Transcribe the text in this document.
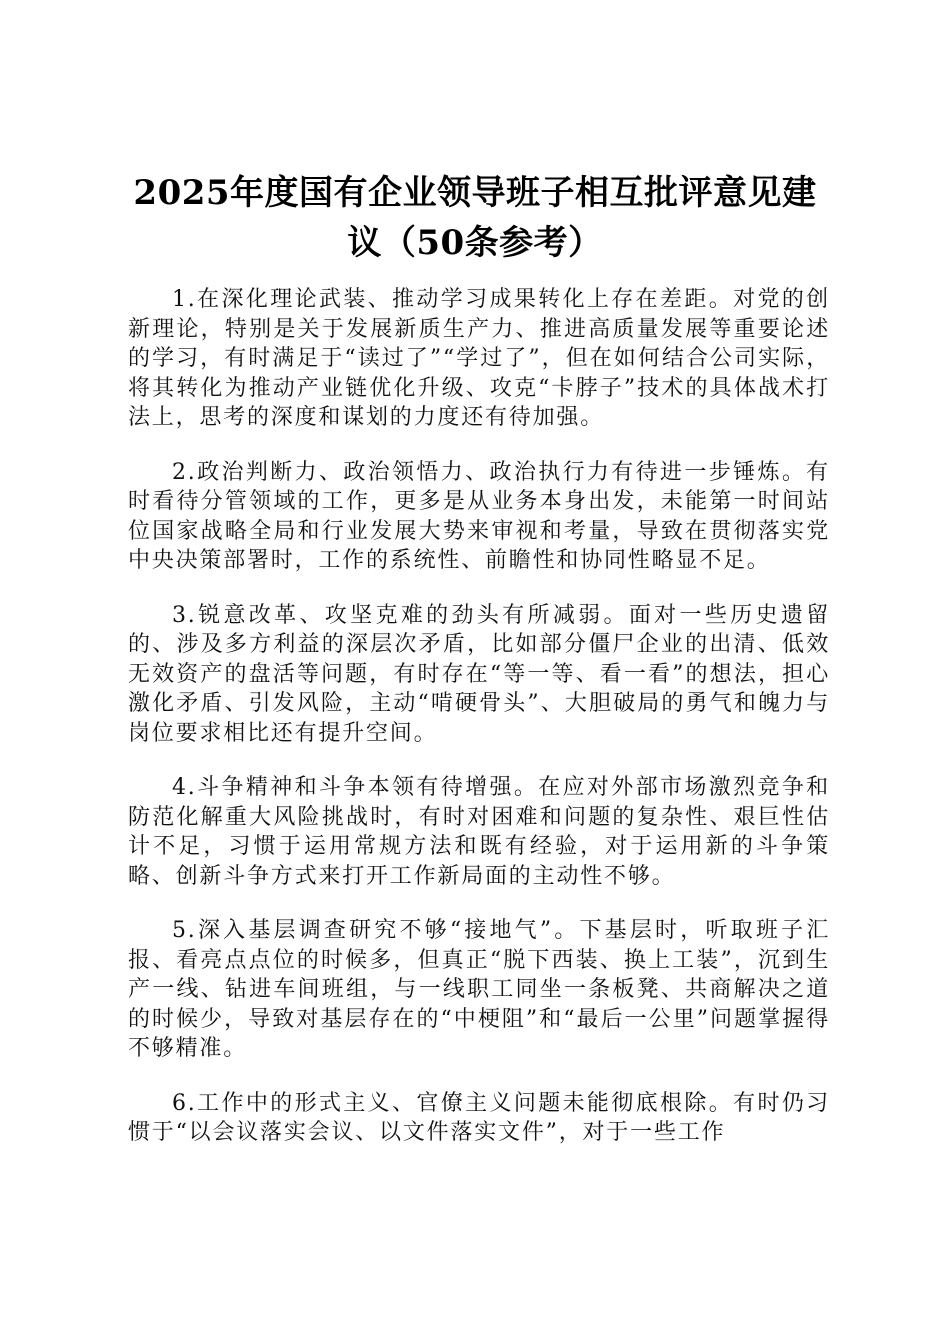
2025年度国有企业领导班子相互批评意见建
议（50条参考）

1.在深化理论武装、推动学习成果转化上存在差距。对党的创新理论，特别是关于发展新质生产力、推进高质量发展等重要论述的学习，有时满足于“读过了”“学过了”，但在如何结合公司实际，将其转化为推动产业链优化升级、攻克“卡脖子”技术的具体战术打法上，思考的深度和谋划的力度还有待加强。

2.政治判断力、政治领悟力、政治执行力有待进一步锤炼。有时看待分管领域的工作，更多是从业务本身出发，未能第一时间站位国家战略全局和行业发展大势来审视和考量，导致在贯彻落实党中央决策部署时，工作的系统性、前瞻性和协同性略显不足。

3.锐意改革、攻坚克难的劲头有所减弱。面对一些历史遗留的、涉及多方利益的深层次矛盾，比如部分僵尸企业的出清、低效无效资产的盘活等问题，有时存在“等一等、看一看”的想法，担心激化矛盾、引发风险，主动“啃硬骨头”、大胆破局的勇气和魄力与岗位要求相比还有提升空间。

4.斗争精神和斗争本领有待增强。在应对外部市场激烈竞争和防范化解重大风险挑战时，有时对困难和问题的复杂性、艰巨性估计不足，习惯于运用常规方法和既有经验，对于运用新的斗争策略、创新斗争方式来打开工作新局面的主动性不够。

5.深入基层调查研究不够“接地气”。下基层时，听取班子汇报、看亮点点位的时候多，但真正“脱下西装、换上工装”，沉到生产一线、钻进车间班组，与一线职工同坐一条板凳、共商解决之道的时候少，导致对基层存在的“中梗阻”和“最后一公里”问题掌握得不够精准。

6.工作中的形式主义、官僚主义问题未能彻底根除。有时仍习惯于“以会议落实会议、以文件落实文件”，对于一些工作
